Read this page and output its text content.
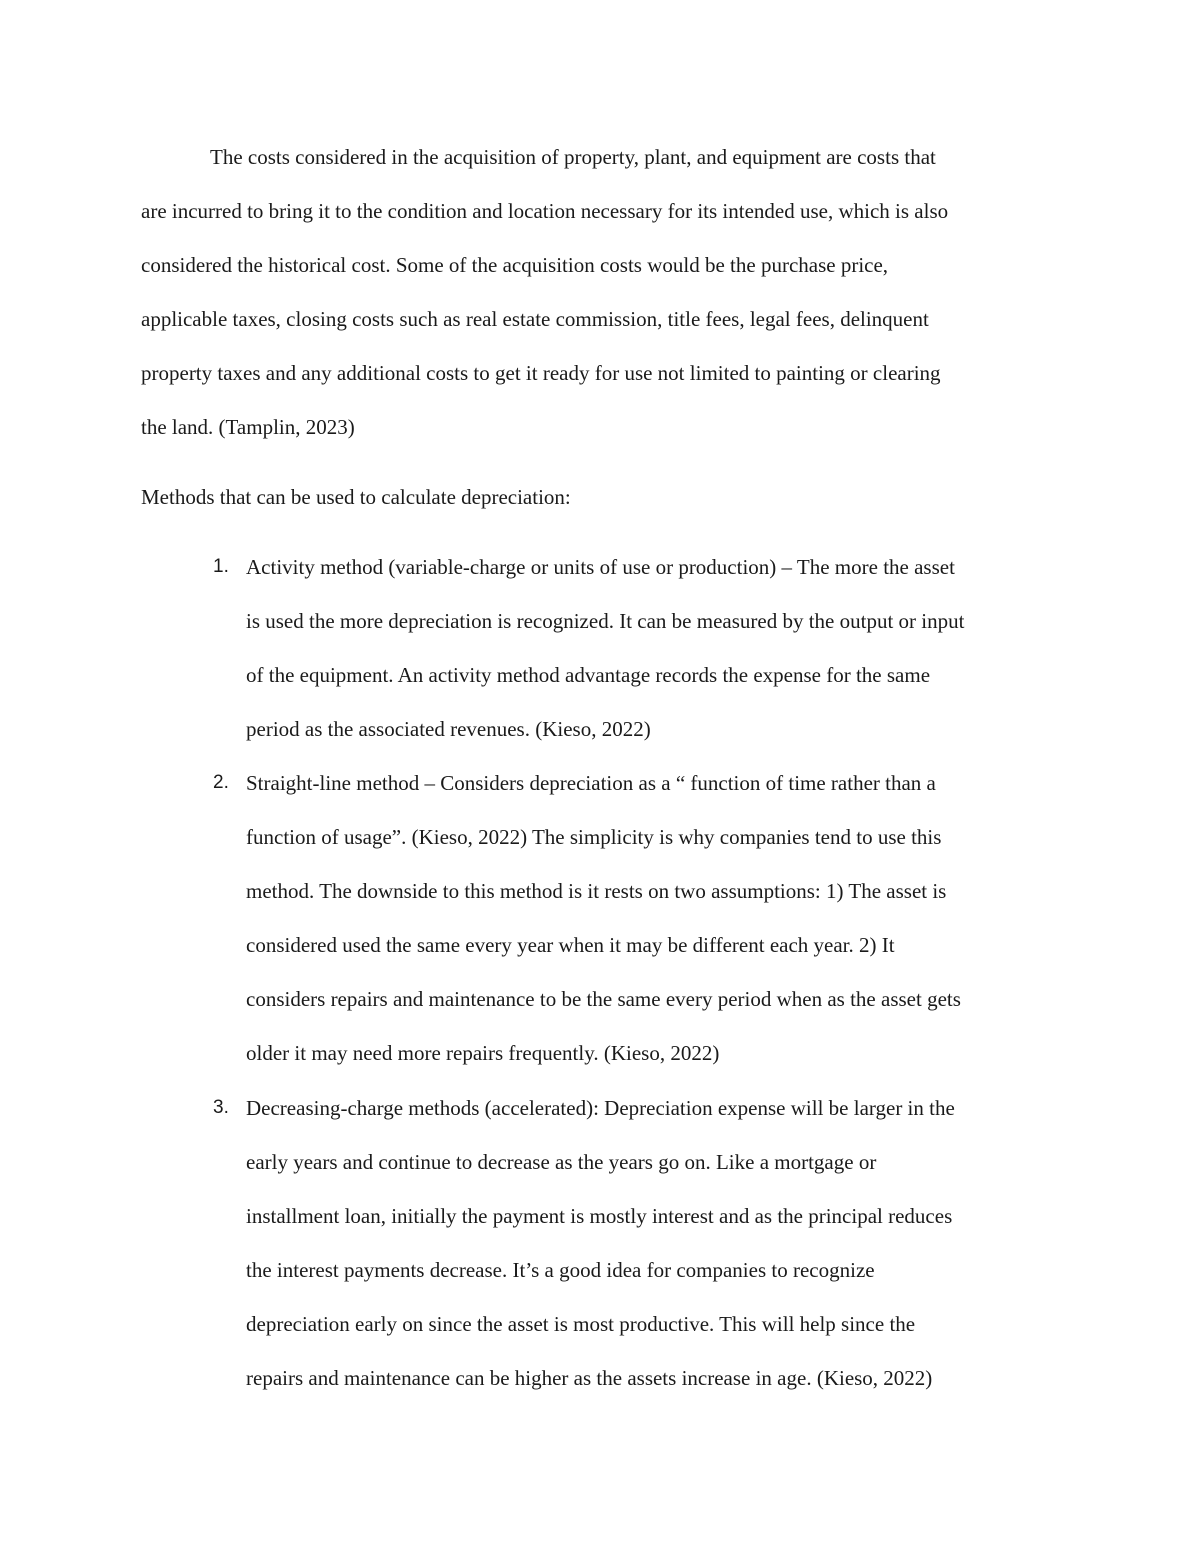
The costs considered in the acquisition of property, plant, and equipment are costs that
are incurred to bring it to the condition and location necessary for its intended use, which is also
considered the historical cost. Some of the acquisition costs would be the purchase price,
applicable taxes, closing costs such as real estate commission, title fees, legal fees, delinquent
property taxes and any additional costs to get it ready for use not limited to painting or clearing
the land. (Tamplin, 2023)
Methods that can be used to calculate depreciation:
1. Activity method (variable-charge or units of use or production) – The more the asset
is used the more depreciation is recognized. It can be measured by the output or input
of the equipment. An activity method advantage records the expense for the same
period as the associated revenues. (Kieso, 2022)
2. Straight-line method – Considers depreciation as a “ function of time rather than a
function of usage”. (Kieso, 2022) The simplicity is why companies tend to use this
method. The downside to this method is it rests on two assumptions: 1) The asset is
considered used the same every year when it may be different each year. 2) It
considers repairs and maintenance to be the same every period when as the asset gets
older it may need more repairs frequently. (Kieso, 2022)
3. Decreasing-charge methods (accelerated): Depreciation expense will be larger in the
early years and continue to decrease as the years go on. Like a mortgage or
installment loan, initially the payment is mostly interest and as the principal reduces
the interest payments decrease. It’s a good idea for companies to recognize
depreciation early on since the asset is most productive. This will help since the
repairs and maintenance can be higher as the assets increase in age. (Kieso, 2022)
